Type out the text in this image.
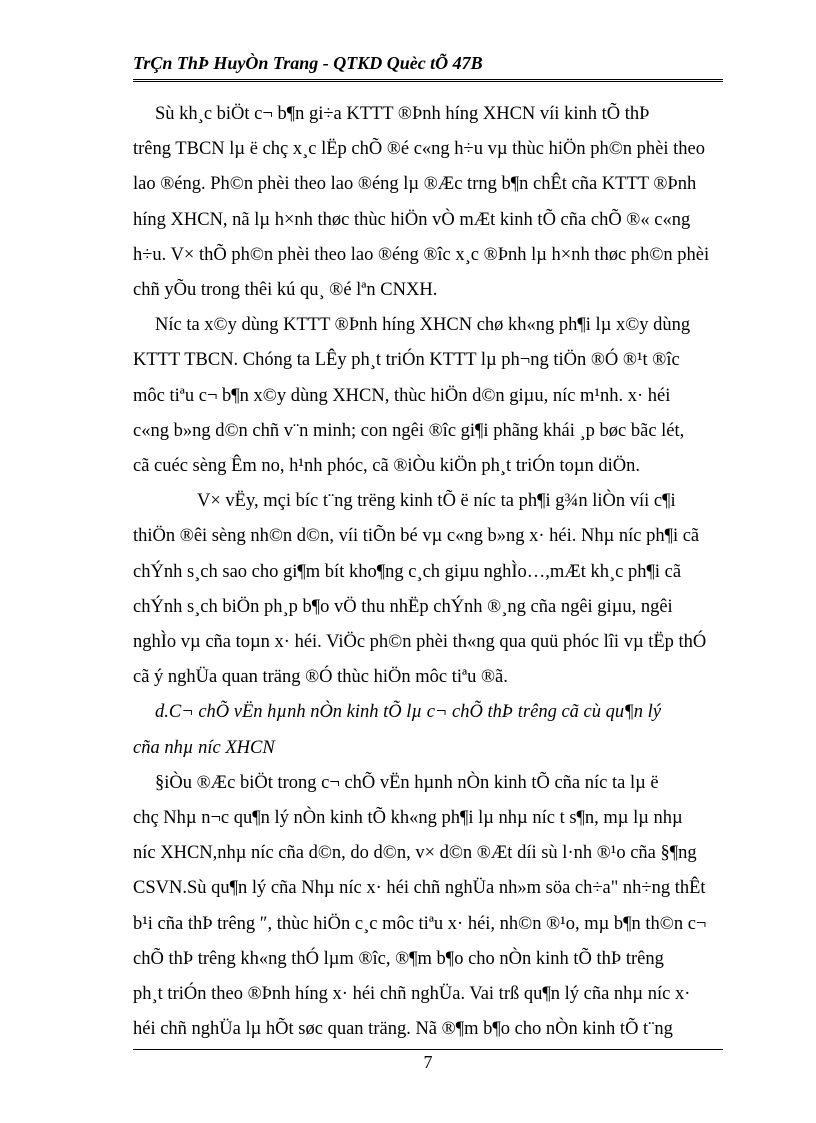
TrÇn ThÞ HuyÒn Trang - QTKD Quèc tÕ 47B
Sù kh¸c biÖt c¬ b¶n gi÷a KTTT ®Þnh híng XHCN víi kinh tÕ thÞ
trêng TBCN lµ ë chç x¸c lËp chÕ ®é c«ng h÷u vµ thùc hiÖn ph©n phèi theo
lao ®éng. Ph©n phèi theo lao ®éng lµ ®Æc trng b¶n chÊt cña KTTT ®Þnh
híng XHCN, nã lµ h×nh thøc thùc hiÖn vÒ mÆt kinh tÕ cña chÕ ®« c«ng
h÷u. V× thÕ ph©n phèi theo lao ®éng ®îc x¸c ®Þnh lµ h×nh thøc ph©n phèi
chñ yÕu trong thêi kú qu¸ ®é lªn CNXH.
Níc ta x©y dùng KTTT ®Þnh híng XHCN chø kh«ng ph¶i lµ x©y dùng
KTTT TBCN. Chóng ta LÊy ph¸t triÓn KTTT lµ ph¬ng tiÖn ®Ó ®¹t ®îc
môc tiªu c¬ b¶n x©y dùng XHCN, thùc hiÖn d©n giµu, níc m¹nh. x· héi
c«ng b»ng d©n chñ v¨n minh; con ngêi ®îc gi¶i phãng khái ¸p bøc bãc lét,
cã cuéc sèng Êm no, h¹nh phóc, cã ®iÒu kiÖn ph¸t triÓn toµn diÖn.
V× vËy, mçi bíc t¨ng trëng kinh tÕ ë níc ta ph¶i g¾n liÒn víi c¶i
thiÖn ®êi sèng nh©n d©n, víi tiÕn bé vµ c«ng b»ng x· héi. Nhµ níc ph¶i cã
chÝnh s¸ch sao cho gi¶m bít kho¶ng c¸ch giµu nghÌo…,mÆt kh¸c ph¶i cã
chÝnh s¸ch biÖn ph¸p b¶o vÖ thu nhËp chÝnh ®¸ng cña ngêi giµu, ngêi
nghÌo vµ cña toµn x· héi. ViÖc ph©n phèi th«ng qua quü phóc lîi vµ tËp thÓ
cã ý nghÜa quan träng ®Ó thùc hiÖn môc tiªu ®ã.
d.C¬ chÕ vËn hµnh nÒn kinh tÕ lµ c¬ chÕ thÞ trêng cã cù qu¶n lý
cña nhµ níc XHCN
§iÒu ®Æc biÖt trong c¬ chÕ vËn hµnh nÒn kinh tÕ cña níc ta lµ ë
chç Nhµ n¬c qu¶n lý nÒn kinh tÕ kh«ng ph¶i lµ nhµ níc t s¶n, mµ lµ nhµ
níc XHCN,nhµ níc cña d©n, do d©n, v× d©n ®Æt díi sù l·nh ®¹o cña §¶ng
CSVN.Sù qu¶n lý cña Nhµ níc x· héi chñ nghÜa nh»m söa ch÷a" nh÷ng thÊt
b¹i cña thÞ trêng ″, thùc hiÖn c¸c môc tiªu x· héi, nh©n ®¹o, mµ b¶n th©n c¬
chÕ thÞ trêng kh«ng thÓ lµm ®îc, ®¶m b¶o cho nÒn kinh tÕ thÞ trêng
ph¸t triÓn theo ®Þnh híng x· héi chñ nghÜa. Vai trß qu¶n lý cña nhµ níc x·
héi chñ nghÜa lµ hÕt søc quan träng. Nã ®¶m b¶o cho nÒn kinh tÕ t¨ng
7
